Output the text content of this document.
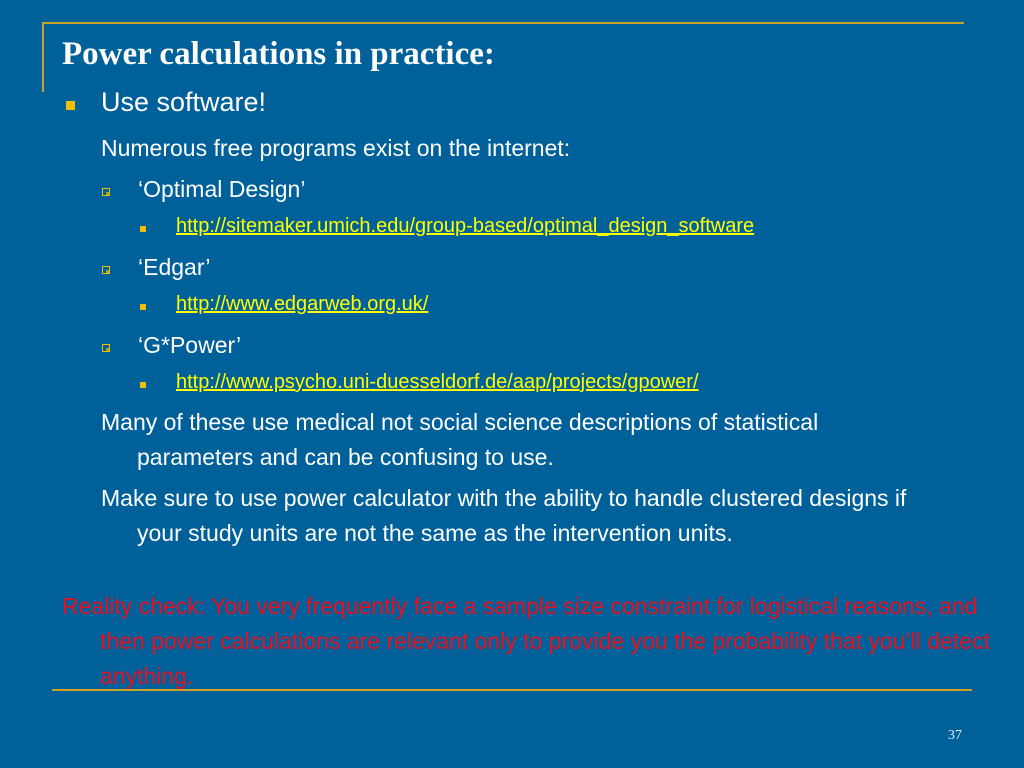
Power calculations in practice:
Use software!
Numerous free programs exist on the internet:
‘Optimal Design’
http://sitemaker.umich.edu/group-based/optimal_design_software
‘Edgar’
http://www.edgarweb.org.uk/
‘G*Power’
http://www.psycho.uni-duesseldorf.de/aap/projects/gpower/
Many of these use medical not social science descriptions of statistical parameters and can be confusing to use.
Make sure to use power calculator with the ability to handle clustered designs if your study units are not the same as the intervention units.
Reality check: You very frequently face a sample size constraint for logistical reasons, and then power calculations are relevant only to provide you the probability that you’ll detect anything.
37
